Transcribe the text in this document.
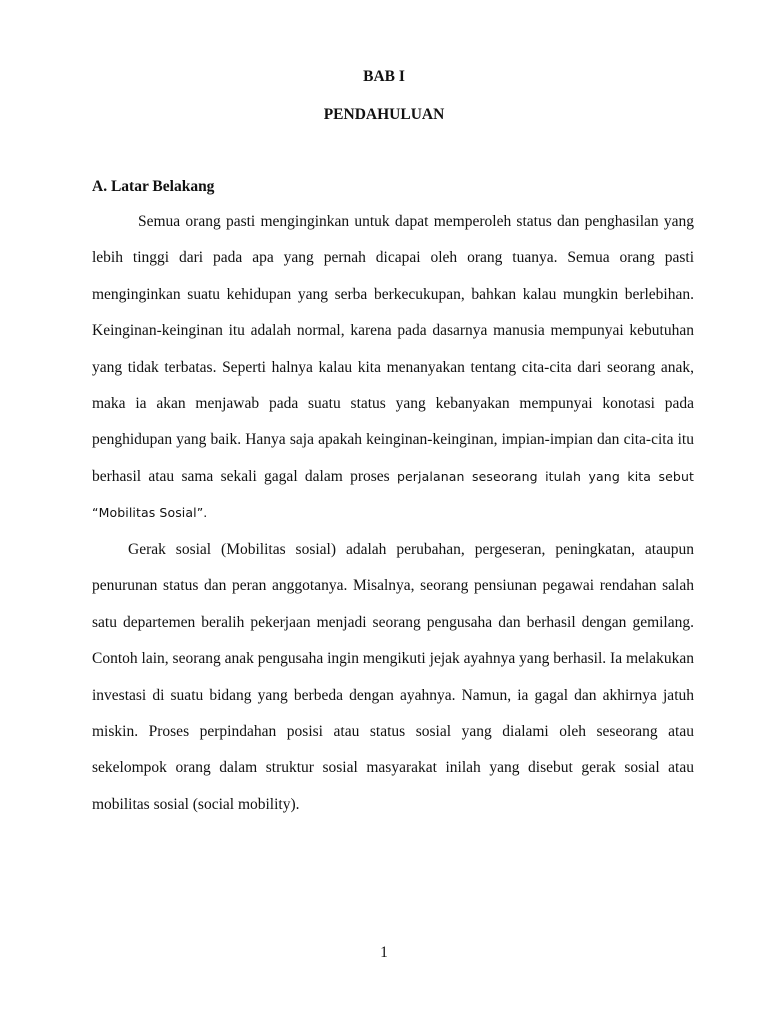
BAB I
PENDAHULUAN
A. Latar Belakang

Semua orang pasti menginginkan untuk dapat memperoleh status dan penghasilan yang lebih tinggi dari pada apa yang pernah dicapai oleh orang tuanya. Semua orang pasti menginginkan suatu kehidupan yang serba berkecukupan, bahkan kalau mungkin berlebihan. Keinginan-keinginan itu adalah normal, karena pada dasarnya manusia mempunyai kebutuhan yang tidak terbatas. Seperti halnya kalau kita menanyakan tentang cita-cita dari seorang anak, maka ia akan menjawab pada suatu status yang kebanyakan mempunyai konotasi pada penghidupan yang baik. Hanya saja apakah keinginan-keinginan, impian-impian dan cita-cita itu berhasil atau sama sekali gagal dalam proses perjalanan seseorang itulah yang kita sebut “Mobilitas Sosial”.

Gerak sosial (Mobilitas sosial) adalah perubahan, pergeseran, peningkatan, ataupun penurunan status dan peran anggotanya. Misalnya, seorang pensiunan pegawai rendahan salah satu departemen beralih pekerjaan menjadi seorang pengusaha dan berhasil dengan gemilang. Contoh lain, seorang anak pengusaha ingin mengikuti jejak ayahnya yang berhasil. Ia melakukan investasi di suatu bidang yang berbeda dengan ayahnya. Namun, ia gagal dan akhirnya jatuh miskin. Proses perpindahan posisi atau status sosial yang dialami oleh seseorang atau sekelompok orang dalam struktur sosial masyarakat inilah yang disebut gerak sosial atau mobilitas sosial (social mobility).

1
